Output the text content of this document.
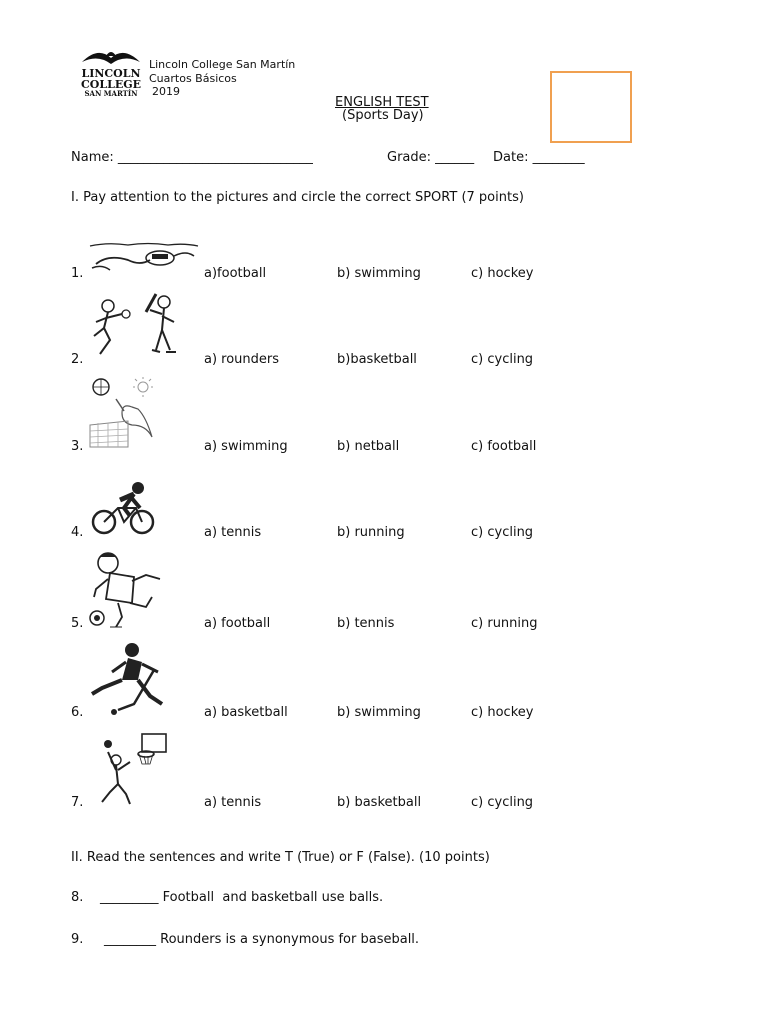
LINCOLN
COLLEGE
SAN MARTÍN
Lincoln College San Martín
Cuartos Básicos
2019
ENGLISH TEST
(Sports Day)
Name: ______________________________	Grade: ______ Date: ________
I. Pay attention to the pictures and circle the correct SPORT (7 points)
1.	a)football	b) swimming	c) hockey
2.	a) rounders	b)basketball	c) cycling
3.	a) swimming	b) netball	c) football
4.	a) tennis	b) running	c) cycling
5.	a) football	b) tennis	c) running
6.	a) basketball	b) swimming	c) hockey
7.	a) tennis	b) basketball	c) cycling
II. Read the sentences and write T (True) or F (False). (10 points)
8. _________ Football  and basketball use balls.
9. ________ Rounders is a synonymous for baseball.
